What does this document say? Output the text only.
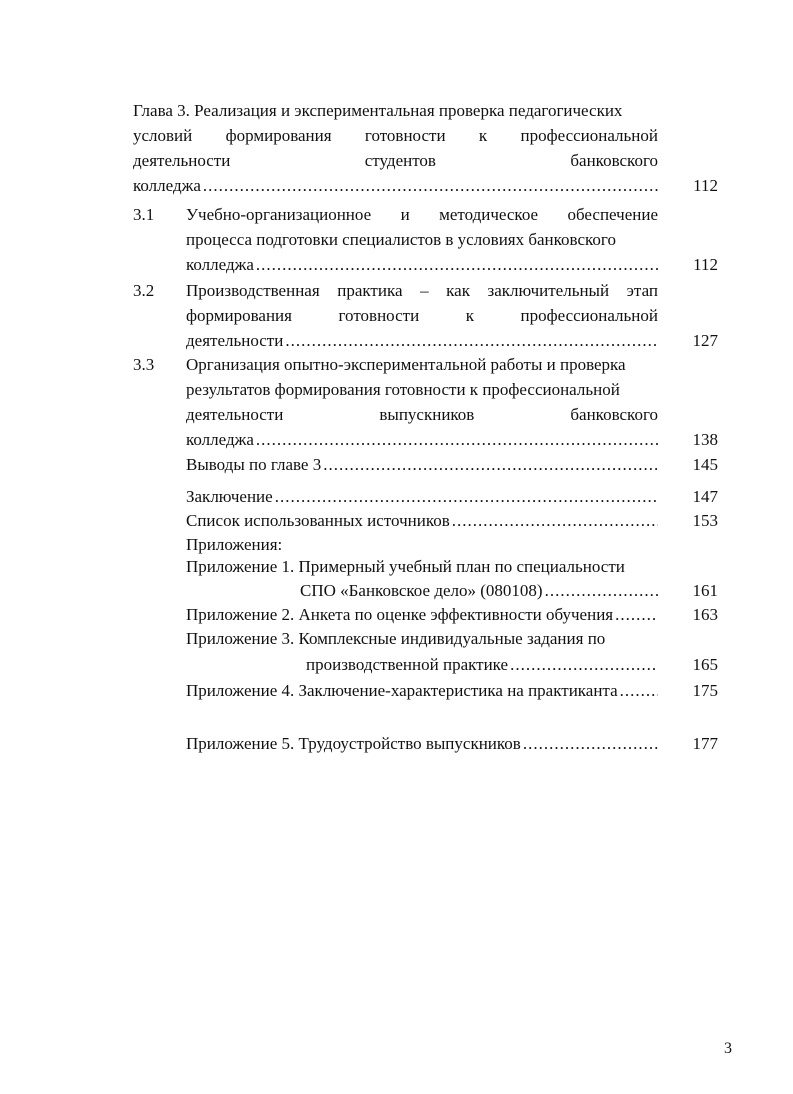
Глава 3. Реализация и экспериментальная проверка педагогических
условий формирования готовности к профессиональной
деятельности студентов банковского
колледжа .....	112
3.1 Учебно-организационное и методическое обеспечение
процесса подготовки специалистов в условиях банковского
колледжа .....	112
3.2 Производственная практика – как заключительный этап
формирования готовности к профессиональной
деятельности .....	127
3.3 Организация опытно-экспериментальной работы и проверка
результатов формирования готовности к профессиональной
деятельности выпускников банковского
колледжа .....	138
Выводы по главе 3 .....	145
Заключение .....	147
Список использованных источников .....	153
Приложения:
Приложение 1. Примерный учебный план по специальности
СПО «Банковское дело» (080108) .....	161
Приложение 2. Анкета по оценке эффективности обучения .....	163
Приложение 3. Комплексные индивидуальные задания по
производственной практике .....	165
Приложение 4. Заключение-характеристика на практиканта .....	175
Приложение 5. Трудоустройство выпускников .....	177
3
